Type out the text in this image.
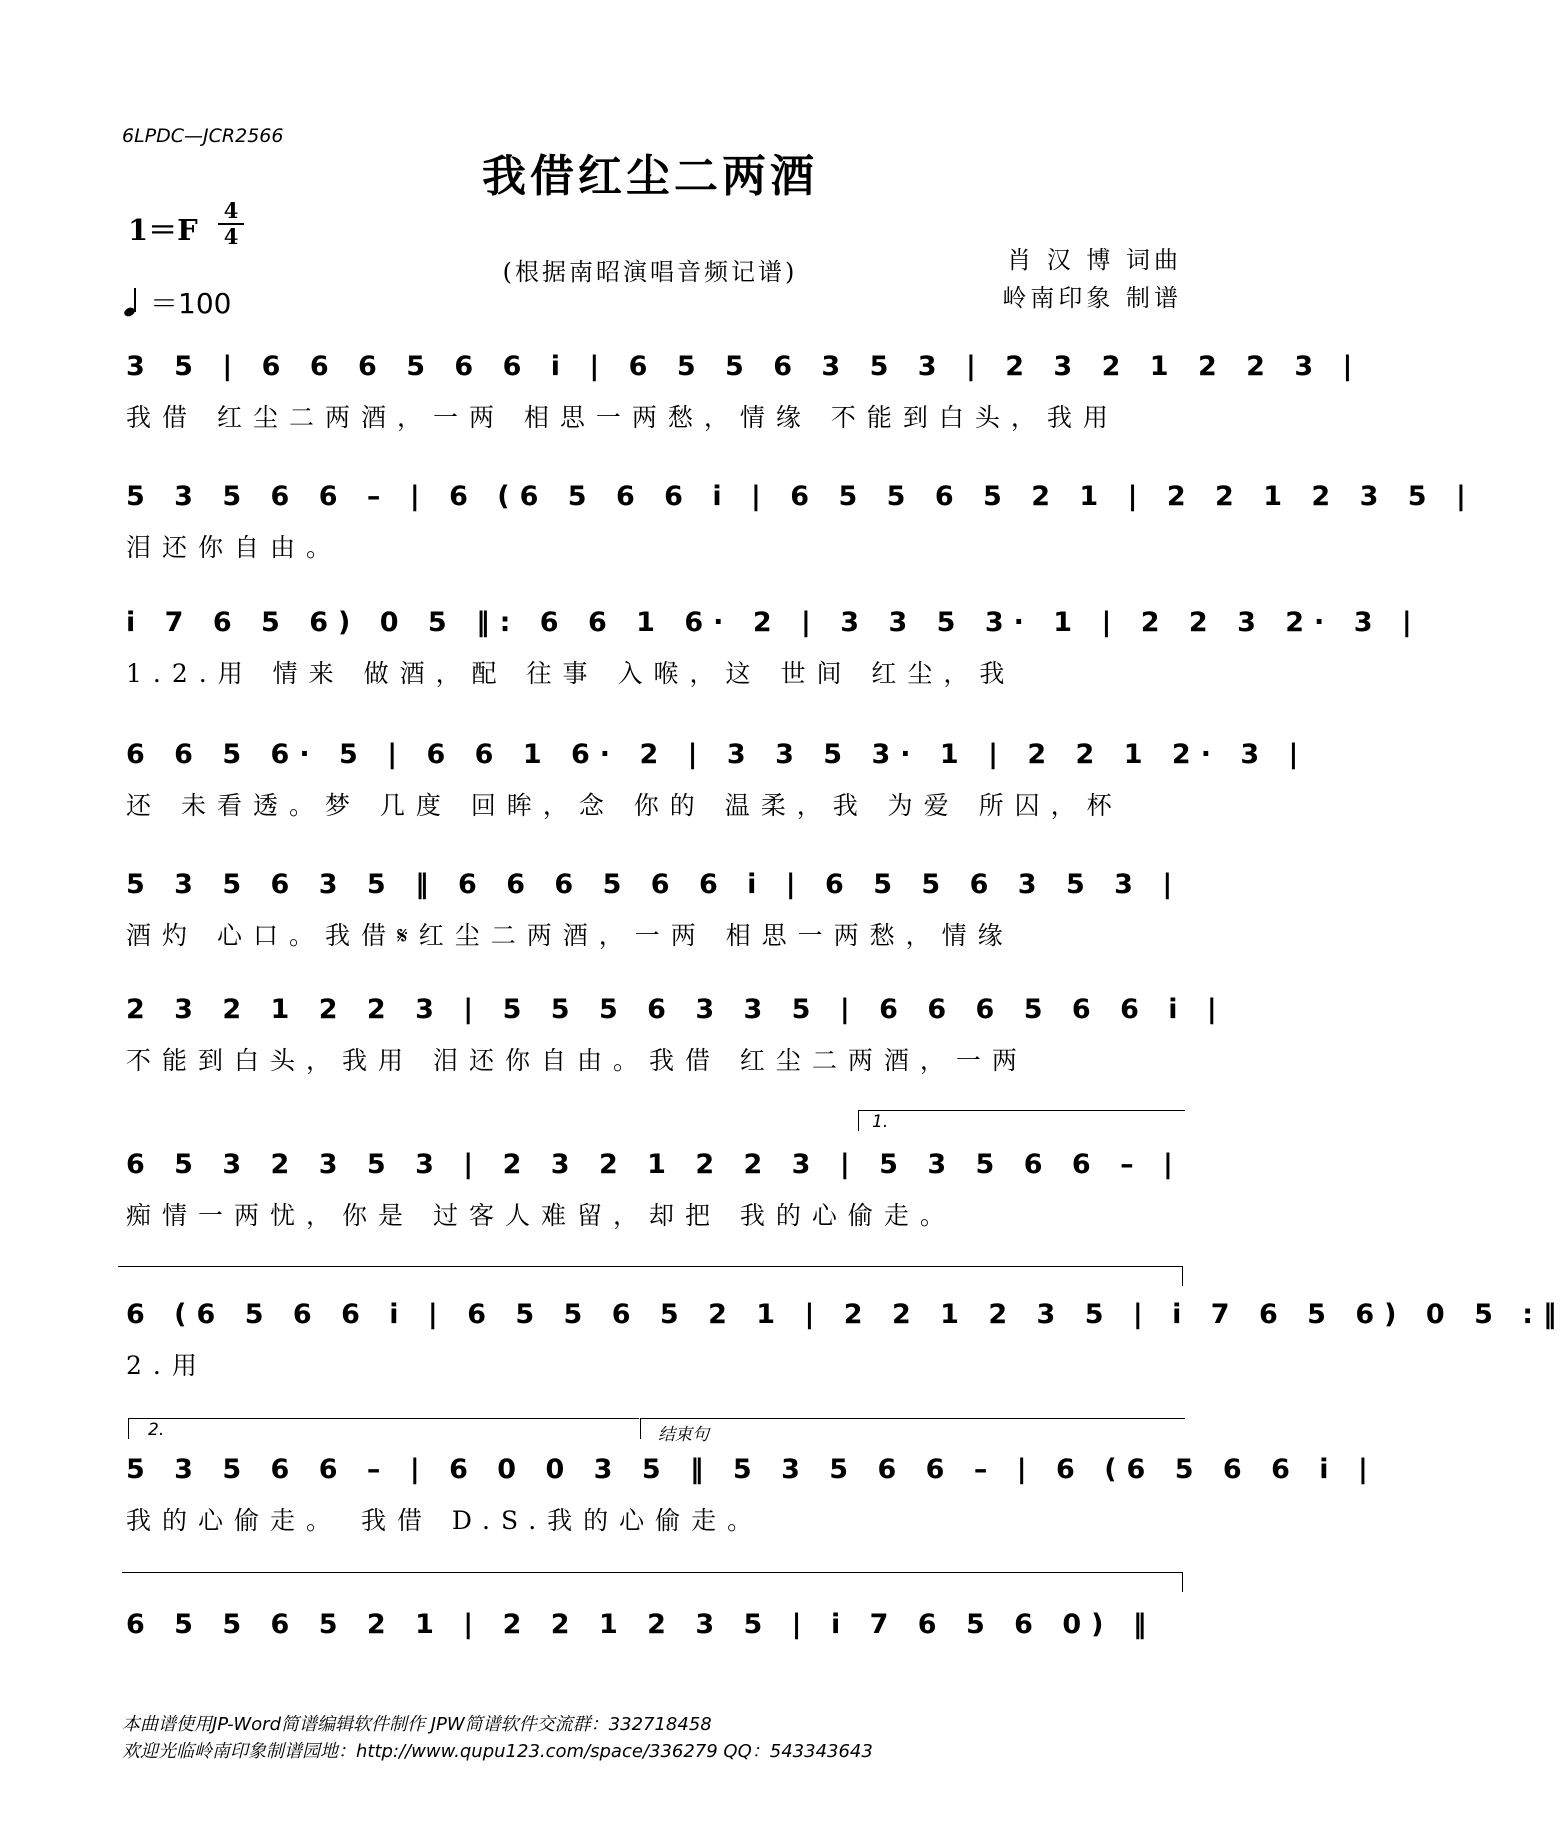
6LPDC—JCR2566
我借红尘二两酒
1＝F
4
4
＝100
(根据南昭演唱音频记谱)	肖 汉 博 词曲
岭南印象 制谱
3 5 | 6 6 6 5 6 6 i | 6 5 5 6 3 5 3 | 2 3 2 1 2 2 3 |
我借 红尘二两酒，一两 相思一两愁，情缘 不能到白头，我用
5 3 5 6 6 – | 6 (6 5 6 6 i | 6 5 5 6 5 2 1 | 2 2 1 2 3 5 |
泪还你自由。
i 7 6 5 6) 0 5 ‖: 6 6 1 6· 2 | 3 3 5 3· 1 | 2 2 3 2· 3 |
1.2.用 情来 做酒，配 往事 入喉，这 世间 红尘，我
6 6 5 6· 5 | 6 6 1 6· 2 | 3 3 5 3· 1 | 2 2 1 2· 3 |
还 未看透。梦 几度 回眸，念 你的 温柔，我 为爱 所囚，杯
5 3 5 6 3 5 ‖ 6 6 6 5 6 6 i | 6 5 5 6 3 5 3 |
酒灼 心口。我借𝄋红尘二两酒，一两 相思一两愁，情缘
2 3 2 1 2 2 3 | 5 5 5 6 3 3 5 | 6 6 6 5 6 6 i |
不能到白头，我用 泪还你自由。我借 红尘二两酒，一两
1.
6 5 3 2 3 5 3 | 2 3 2 1 2 2 3 | 5 3 5 6 6 – |
痴情一两忧，你是 过客人难留，却把 我的心偷走。
6 (6 5 6 6 i | 6 5 5 6 5 2 1 | 2 2 1 2 3 5 | i 7 6 5 6) 0 5 :‖
2.用
2.	结束句
5 3 5 6 6 – | 6 0 0 3 5 ‖ 5 3 5 6 6 – | 6 (6 5 6 6 i |
我的心偷走。 我借 D.S.我的心偷走。
6 5 5 6 5 2 1 | 2 2 1 2 3 5 | i 7 6 5 6 0) ‖
本曲谱使用JP-Word简谱编辑软件制作 JPW简谱软件交流群：332718458
欢迎光临岭南印象制谱园地：http://www.qupu123.com/space/336279 QQ：543343643
